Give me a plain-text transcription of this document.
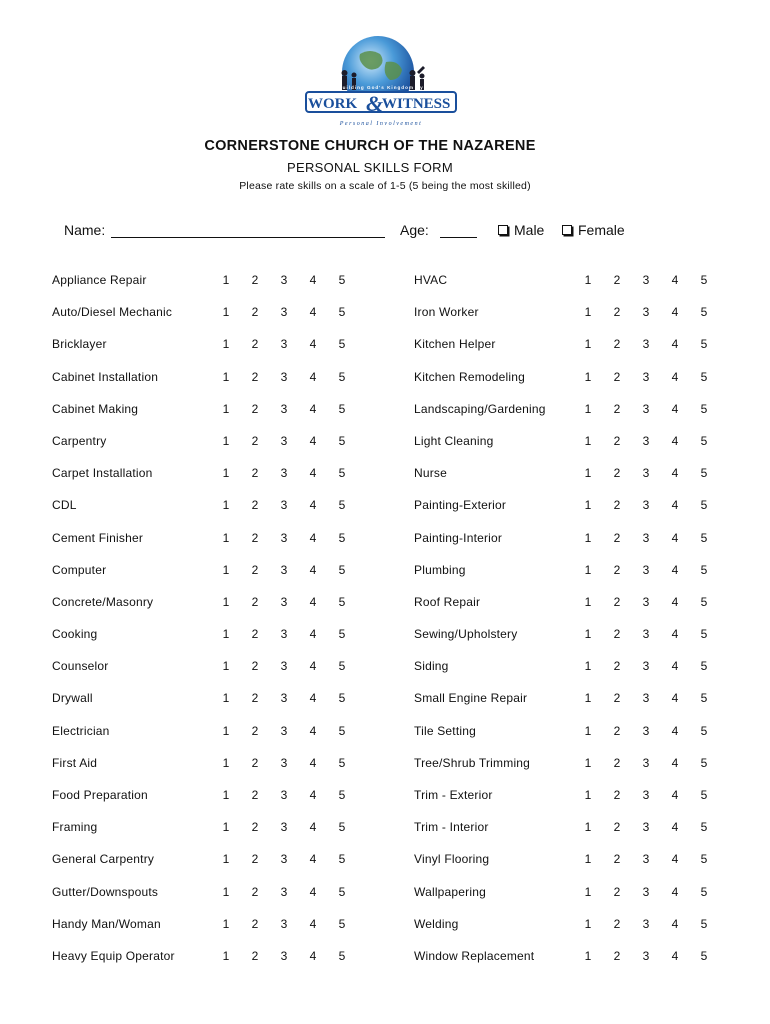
Building God's Kingdom by
WORK &
WITNESS
Personal Involvement
CORNERSTONE CHURCH OF THE NAZARENE
PERSONAL SKILLS FORM
Please rate skills on a scale of 1-5 (5 being the most skilled)
Name:	Age:	Male Female
Appliance Repair	1 2 3 4 5
Auto/Diesel Mechanic	1 2 3 4 5
Bricklayer	1 2 3 4 5
Cabinet Installation	1 2 3 4 5
Cabinet Making	1 2 3 4 5
Carpentry	1 2 3 4 5
Carpet Installation	1 2 3 4 5
CDL	1 2 3 4 5
Cement Finisher	1 2 3 4 5
Computer	1 2 3 4 5
Concrete/Masonry	1 2 3 4 5
Cooking	1 2 3 4 5
Counselor	1 2 3 4 5
Drywall	1 2 3 4 5
Electrician	1 2 3 4 5
First Aid	1 2 3 4 5
Food Preparation	1 2 3 4 5
Framing	1 2 3 4 5
General Carpentry	1 2 3 4 5
Gutter/Downspouts	1 2 3 4 5
Handy Man/Woman	1 2 3 4 5
Heavy Equip Operator	1 2 3 4 5
HVAC	1 2 3 4 5
Iron Worker	1 2 3 4 5
Kitchen Helper	1 2 3 4 5
Kitchen Remodeling	1 2 3 4 5
Landscaping/Gardening	1 2 3 4 5
Light Cleaning	1 2 3 4 5
Nurse	1 2 3 4 5
Painting-Exterior	1 2 3 4 5
Painting-Interior	1 2 3 4 5
Plumbing	1 2 3 4 5
Roof Repair	1 2 3 4 5
Sewing/Upholstery	1 2 3 4 5
Siding	1 2 3 4 5
Small Engine Repair	1 2 3 4 5
Tile Setting	1 2 3 4 5
Tree/Shrub Trimming	1 2 3 4 5
Trim - Exterior	1 2 3 4 5
Trim - Interior	1 2 3 4 5
Vinyl Flooring	1 2 3 4 5
Wallpapering	1 2 3 4 5
Welding	1 2 3 4 5
Window Replacement	1 2 3 4 5
